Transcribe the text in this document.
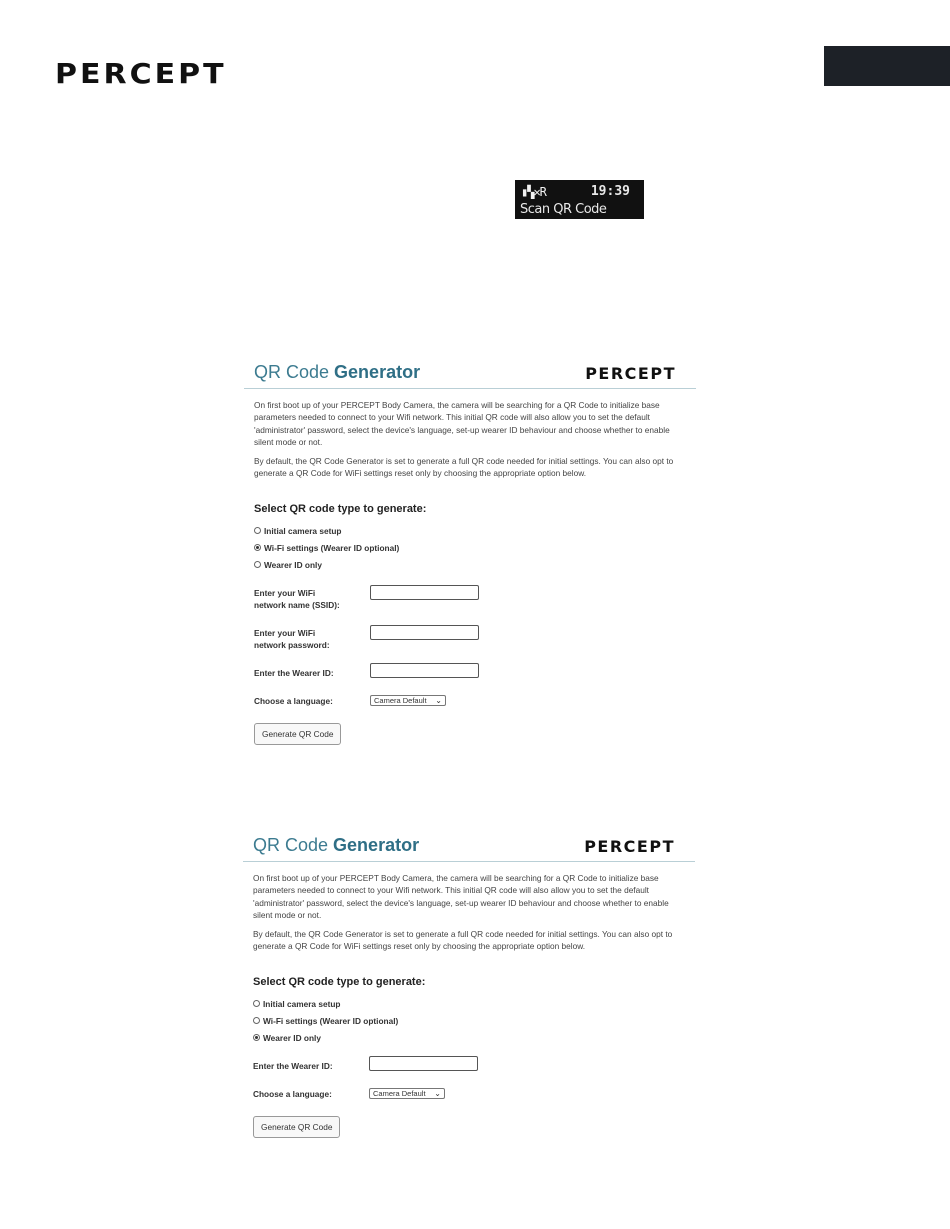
PERCEPT
▮▚✕R	19:39
Scan QR Code
QR Code Generator	PERCEPT

On first boot up of your PERCEPT Body Camera, the camera will be searching for a QR Code to initialize base parameters needed to connect to your Wifi network. This initial QR code will also allow you to set the default 'administrator' password, select the device's language, set-up wearer ID behaviour and choose whether to enable silent mode or not.

By default, the QR Code Generator is set to generate a full QR code needed for initial settings. You can also opt to generate a QR Code for WiFi settings reset only by choosing the appropriate option below.

Select QR code type to generate:
Initial camera setup
Wi-Fi settings (Wearer ID optional)
Wearer ID only
Enter your WiFi
network name (SSID):
Enter your WiFi
network password:
Enter the Wearer ID:
Choose a language:	Camera Default ⌄
Generate QR Code
QR Code Generator	PERCEPT

On first boot up of your PERCEPT Body Camera, the camera will be searching for a QR Code to initialize base parameters needed to connect to your Wifi network. This initial QR code will also allow you to set the default 'administrator' password, select the device's language, set-up wearer ID behaviour and choose whether to enable silent mode or not.

By default, the QR Code Generator is set to generate a full QR code needed for initial settings. You can also opt to generate a QR Code for WiFi settings reset only by choosing the appropriate option below.

Select QR code type to generate:
Initial camera setup
Wi-Fi settings (Wearer ID optional)
Wearer ID only
Enter the Wearer ID:
Choose a language:	Camera Default ⌄
Generate QR Code
